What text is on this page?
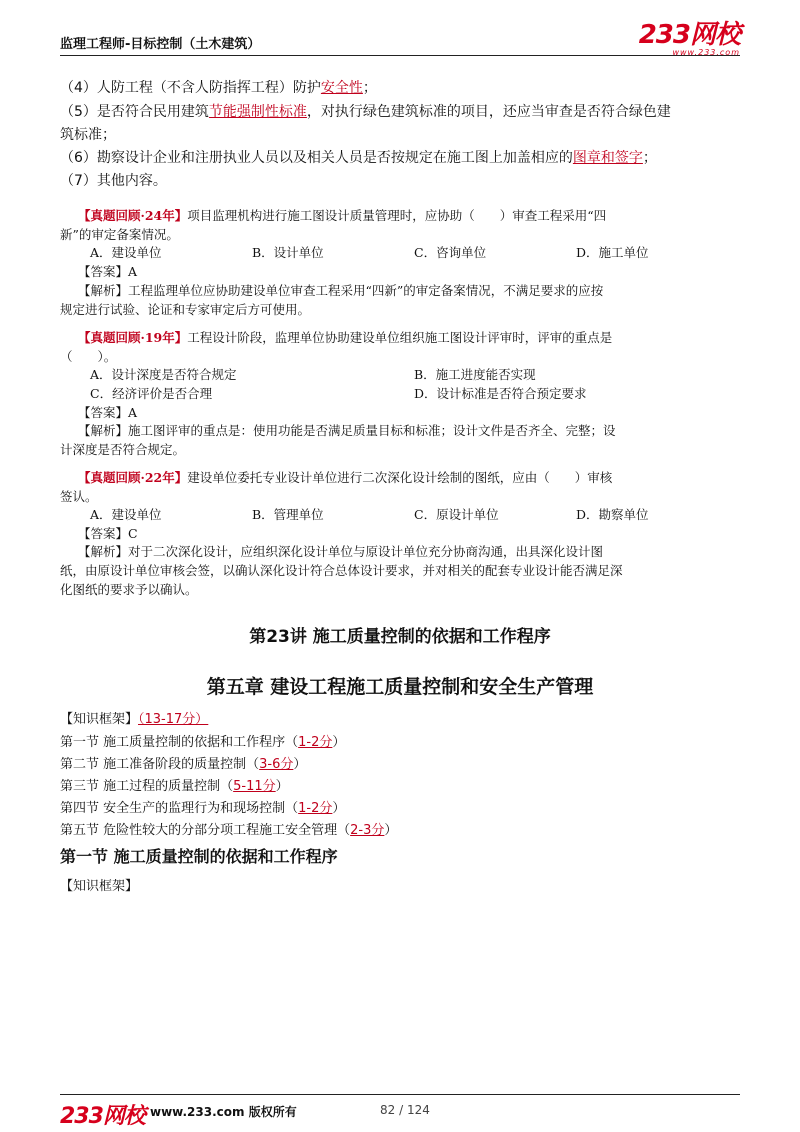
监理工程师-目标控制（土木建筑）	233网校
www.233.com
（4）人防工程（不含人防指挥工程）防护安全性；
（5）是否符合民用建筑节能强制性标准，对执行绿色建筑标准的项目，还应当审查是否符合绿色建
筑标准；
（6）勘察设计企业和注册执业人员以及相关人员是否按规定在施工图上加盖相应的图章和签字；
（7）其他内容。
【真题回顾·24年】项目监理机构进行施工图设计质量管理时，应协助（　　）审查工程采用“四
新”的审定备案情况。
A．建设单位	B．设计单位	C．咨询单位	D．施工单位
【答案】A
【解析】工程监理单位应协助建设单位审查工程采用“四新”的审定备案情况，不满足要求的应按
规定进行试验、论证和专家审定后方可使用。
【真题回顾·19年】工程设计阶段，监理单位协助建设单位组织施工图设计评审时，评审的重点是
（　　）。
A．设计深度是否符合规定	B．施工进度能否实现
C．经济评价是否合理	D．设计标准是否符合预定要求
【答案】A
【解析】施工图评审的重点是：使用功能是否满足质量目标和标准；设计文件是否齐全、完整；设
计深度是否符合规定。
【真题回顾·22年】建设单位委托专业设计单位进行二次深化设计绘制的图纸，应由（　　）审核
签认。
A．建设单位	B．管理单位	C．原设计单位	D．勘察单位
【答案】C
【解析】对于二次深化设计，应组织深化设计单位与原设计单位充分协商沟通，出具深化设计图
纸，由原设计单位审核会签，以确认深化设计符合总体设计要求，并对相关的配套专业设计能否满足深
化图纸的要求予以确认。
第23讲 施工质量控制的依据和工作程序
第五章 建设工程施工质量控制和安全生产管理
【知识框架】（13-17分）
第一节 施工质量控制的依据和工作程序（1-2分）
第二节 施工准备阶段的质量控制（3-6分）
第三节 施工过程的质量控制（5-11分）
第四节 安全生产的监理行为和现场控制（1-2分）
第五节 危险性较大的分部分项工程施工安全管理（2-3分）
第一节 施工质量控制的依据和工作程序
【知识框架】
233网校 www.233.com 版权所有	82 / 124
